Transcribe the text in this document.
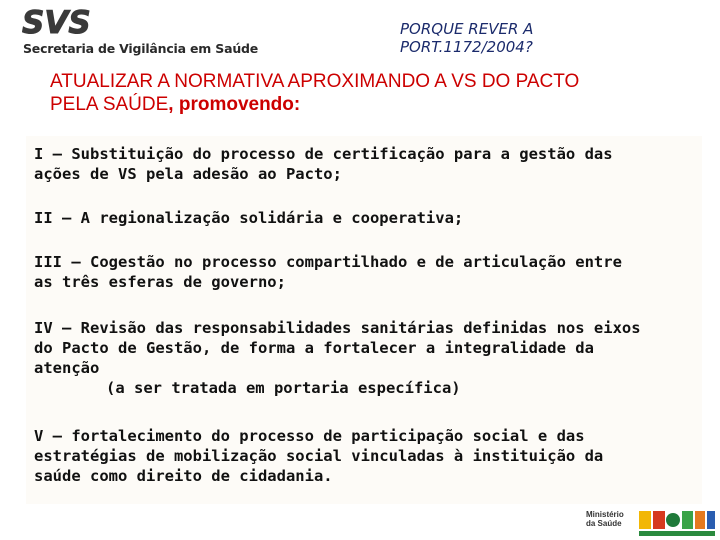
SVS
Secretaria de Vigilância em Saúde
PORQUE REVER A
PORT.1172/2004?
ATUALIZAR A NORMATIVA APROXIMANDO A VS DO PACTO
PELA SAÚDE, promovendo:
I – Substituição do processo de certificação para a gestão das
ações de VS pela adesão ao Pacto;
II – A regionalização solidária e cooperativa;
III – Cogestão no processo compartilhado e de articulação entre
as três esferas de governo;
IV – Revisão das responsabilidades sanitárias definidas nos eixos
do Pacto de Gestão, de forma a fortalecer a integralidade da
atenção
(a ser tratada em portaria específica)
V – fortalecimento do processo de participação social e das
estratégias de mobilização social vinculadas à instituição da
saúde como direito de cidadania.
Ministério
da Saúde
